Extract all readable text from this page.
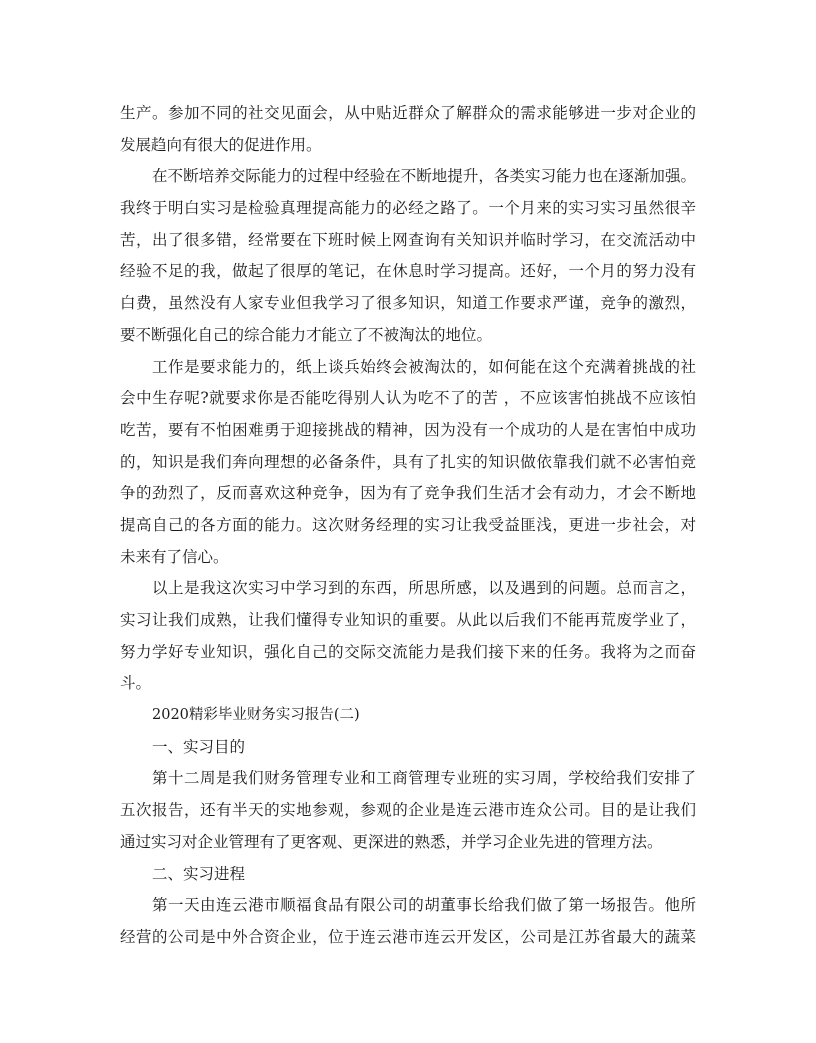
生产。参加不同的社交见面会，从中贴近群众了解群众的需求能够进一步对企业的
发展趋向有很大的促进作用。
在不断培养交际能力的过程中经验在不断地提升，各类实习能力也在逐渐加强。
我终于明白实习是检验真理提高能力的必经之路了。一个月来的实习实习虽然很辛
苦，出了很多错，经常要在下班时候上网查询有关知识并临时学习，在交流活动中
经验不足的我，做起了很厚的笔记，在休息时学习提高。还好，一个月的努力没有
白费，虽然没有人家专业但我学习了很多知识，知道工作要求严谨，竞争的激烈，
要不断强化自己的综合能力才能立了不被淘汰的地位。
工作是要求能力的，纸上谈兵始终会被淘汰的，如何能在这个充满着挑战的社
会中生存呢?就要求你是否能吃得别人认为吃不了的苦 ，不应该害怕挑战不应该怕
吃苦，要有不怕困难勇于迎接挑战的精神，因为没有一个成功的人是在害怕中成功
的，知识是我们奔向理想的必备条件，具有了扎实的知识做依靠我们就不必害怕竞
争的劲烈了，反而喜欢这种竞争，因为有了竞争我们生活才会有动力，才会不断地
提高自己的各方面的能力。这次财务经理的实习让我受益匪浅，更进一步社会，对
未来有了信心。
以上是我这次实习中学习到的东西，所思所感，以及遇到的问题。总而言之，
实习让我们成熟，让我们懂得专业知识的重要。从此以后我们不能再荒废学业了，
努力学好专业知识，强化自己的交际交流能力是我们接下来的任务。我将为之而奋
斗。
2020精彩毕业财务实习报告(二)
一、实习目的
第十二周是我们财务管理专业和工商管理专业班的实习周，学校给我们安排了
五次报告，还有半天的实地参观，参观的企业是连云港市连众公司。目的是让我们
通过实习对企业管理有了更客观、更深进的熟悉，并学习企业先进的管理方法。
二、实习进程
第一天由连云港市顺福食品有限公司的胡董事长给我们做了第一场报告。他所
经营的公司是中外合资企业，位于连云港市连云开发区，公司是江苏省最大的蔬菜
